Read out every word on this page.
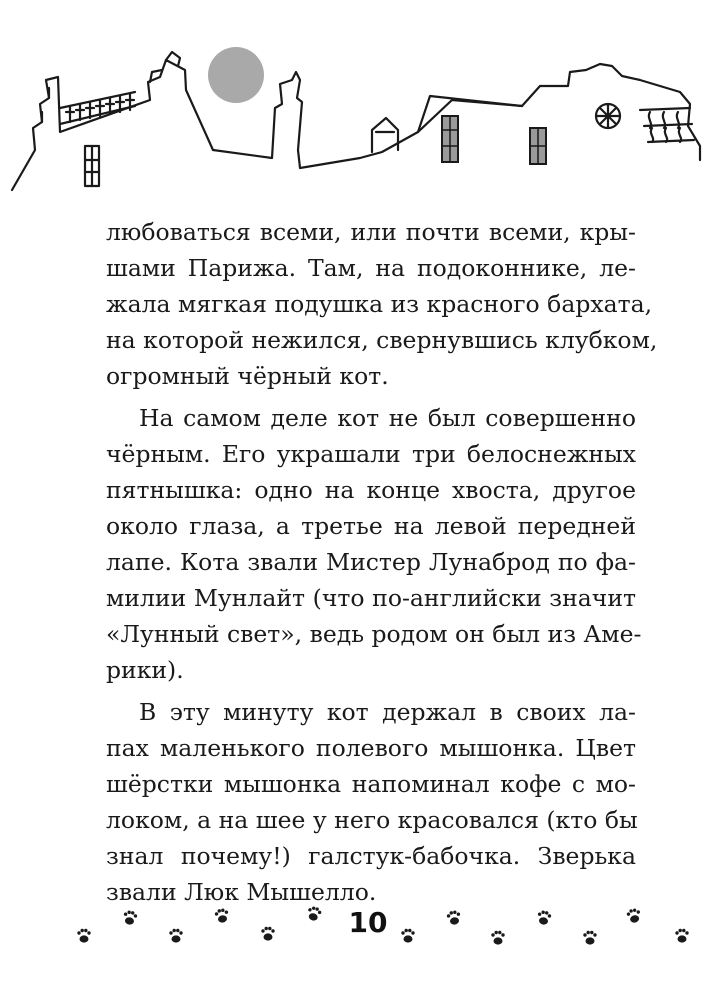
любоваться всеми, или почти всеми, кры-
шами Парижа. Там, на подоконнике, ле-
жала мягкая подушка из красного бархата,
на которой нежился, свернувшись клубком,
огромный чёрный кот.

На самом деле кот не был совершенно
чёрным. Его украшали три белоснежных
пятнышка: одно на конце хвоста, другое
около глаза, а третье на левой передней
лапе. Кота звали Мистер Лунаброд по фа-
милии Мунлайт (что по-английски значит
«Лунный свет», ведь родом он был из Аме-
рики).

В эту минуту кот держал в своих ла-
пах маленького полевого мышонка. Цвет
шёрстки мышонка напоминал кофе с мо-
локом, а на шее у него красовался (кто бы
знал почему!) галстук-бабочка. Зверька
звали Люк Мышелло.

10
